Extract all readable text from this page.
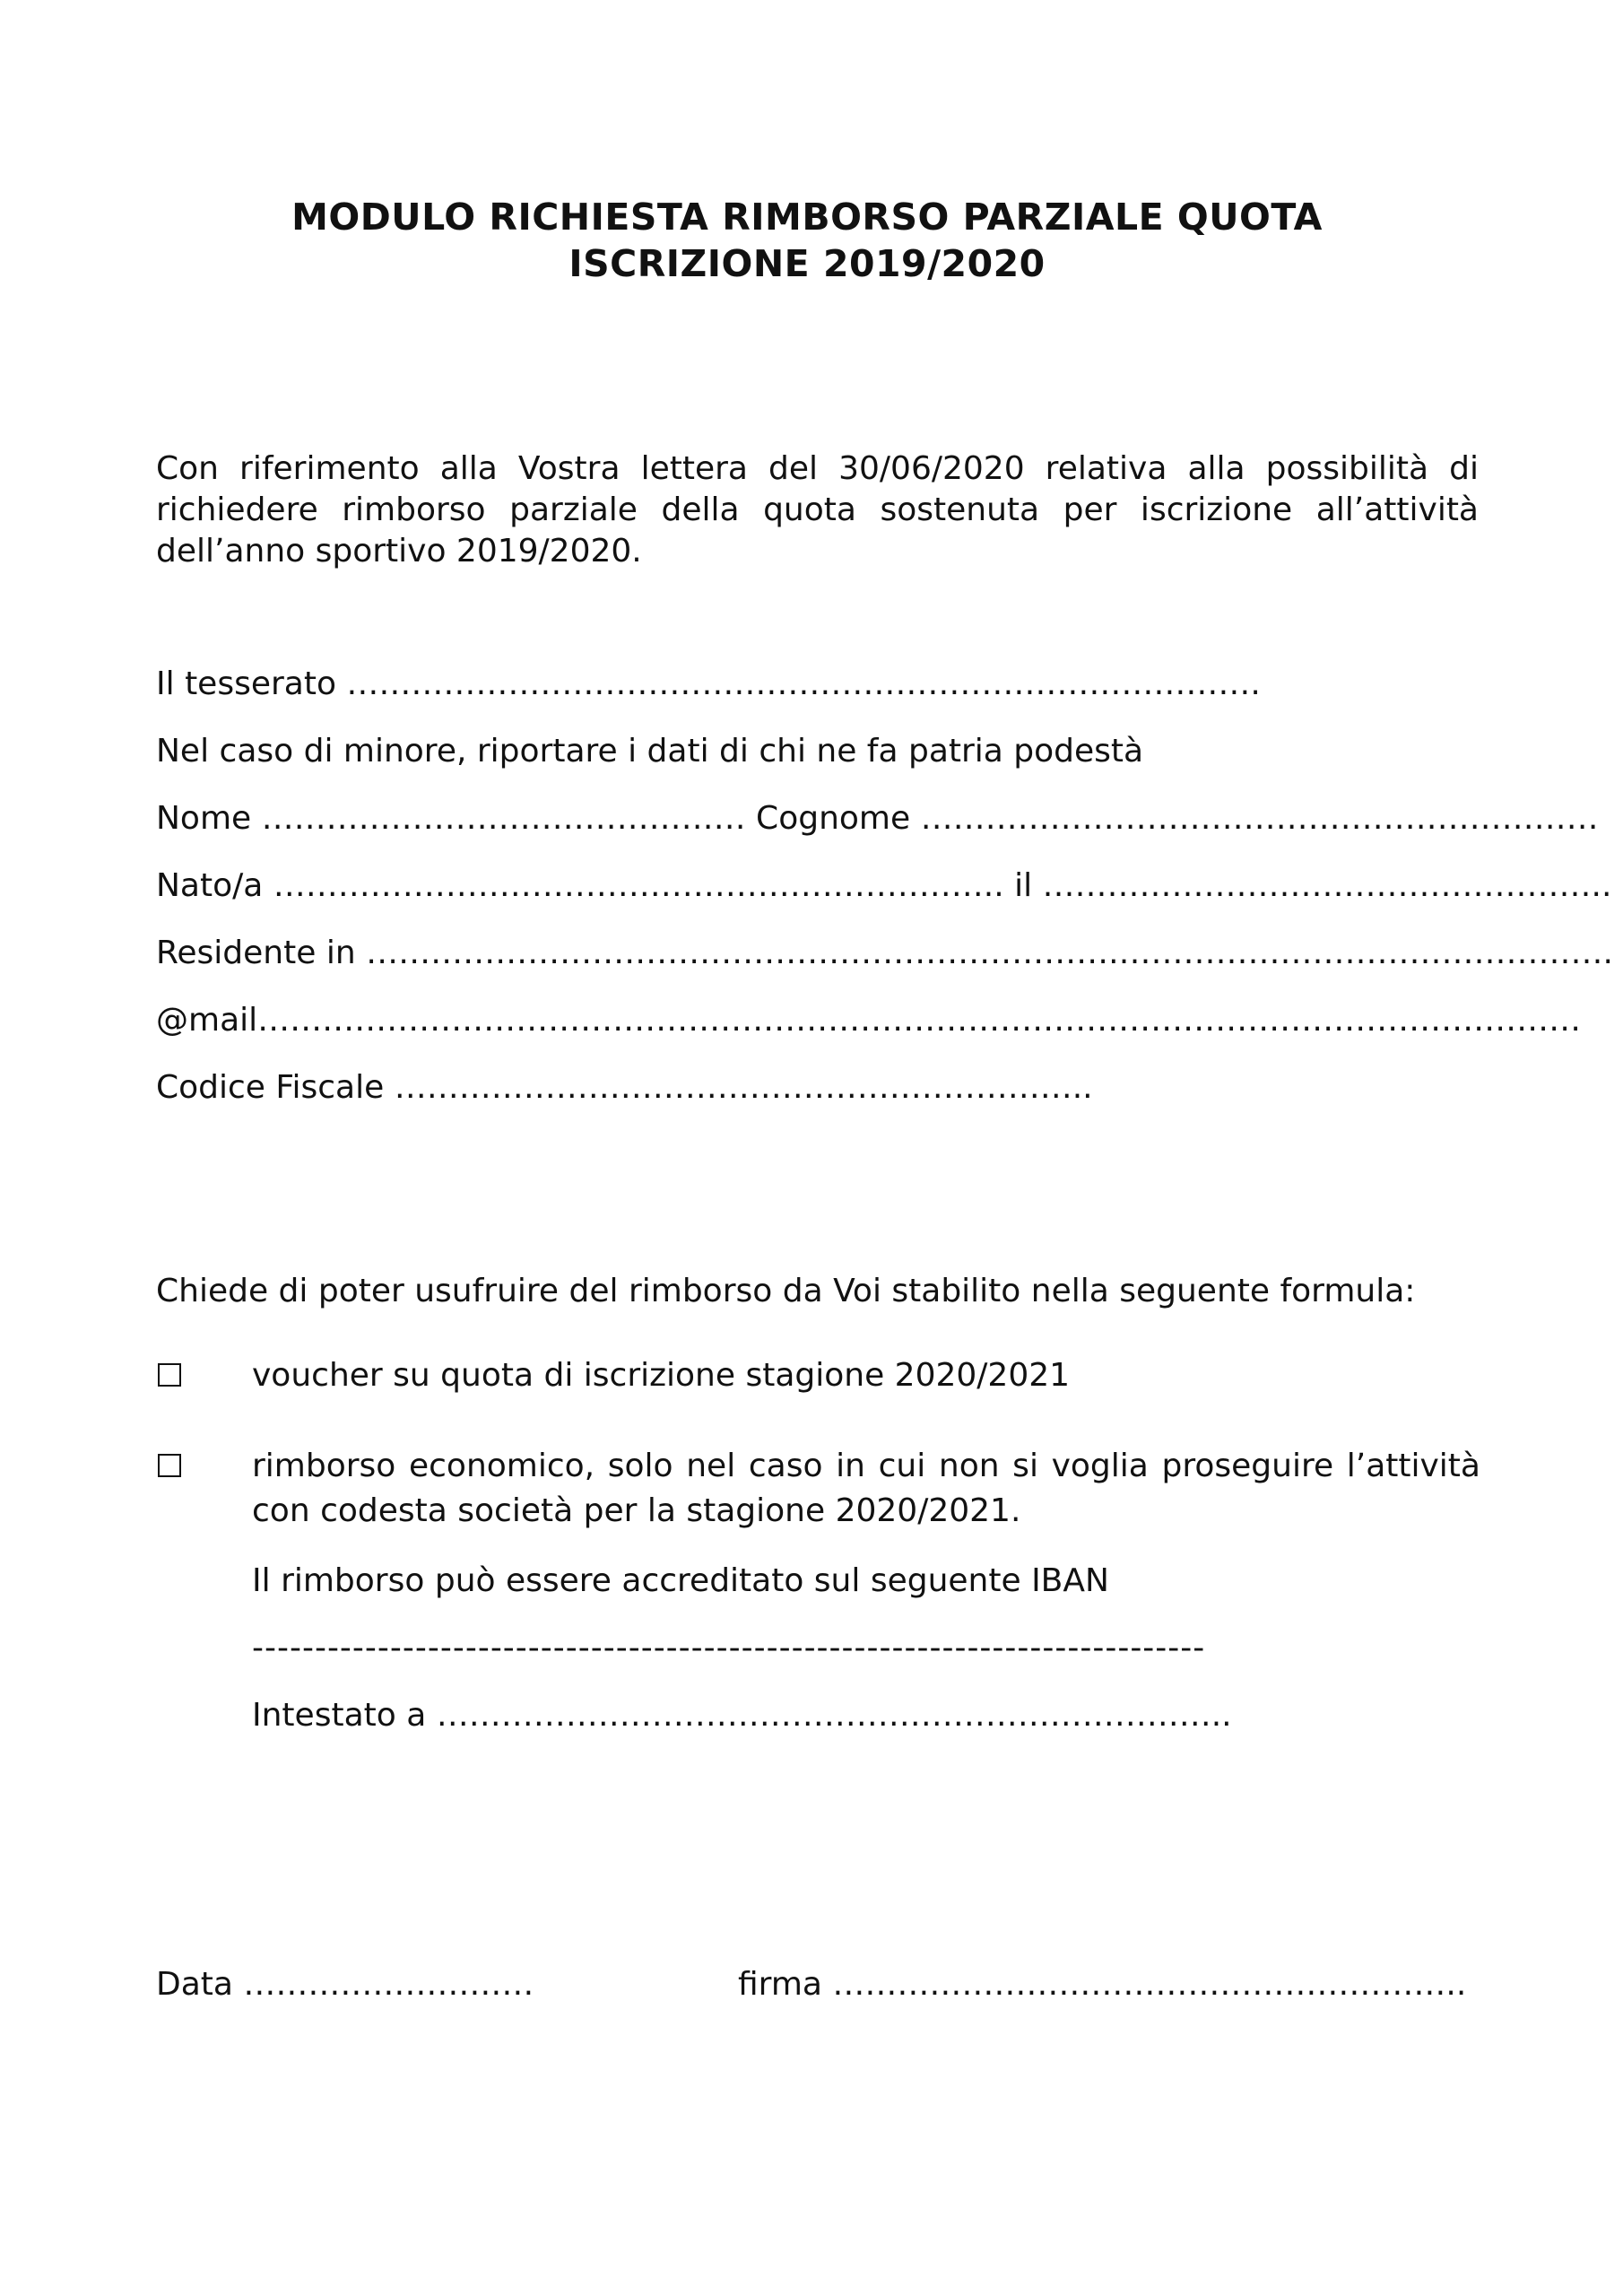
MODULO RICHIESTA RIMBORSO PARZIALE QUOTA
ISCRIZIONE 2019/2020
Con riferimento alla Vostra lettera del 30/06/2020 relativa alla possibilità di
richiedere rimborso parziale della quota sostenuta per iscrizione all’attività
dell’anno sportivo 2019/2020.
Il tesserato ………………………………………………………………………….
Nel caso di minore, riportare i dati di chi ne fa patria podestà
Nome ……………………………………… Cognome ………………………………………………………
Nato/a ………………………………………………………….. il ……………………………………………..
Residente in …………………………………………………………….……………………………………….
@mail……………………………………………………………………………………………………………
Codice Fiscale ………………………………………………………..
Chiede di poter usufruire del rimborso da Voi stabilito nella seguente formula:
voucher su quota di iscrizione stagione 2020/2021
rimborso economico, solo nel caso in cui non si voglia proseguire l’attività
con codesta società per la stagione 2020/2021.
Il rimborso può essere accreditato sul seguente IBAN
----------------------------------------------------------------------------
Intestato a ………………………………………………………………..
Data ………………………	firma …………………………………………………..
